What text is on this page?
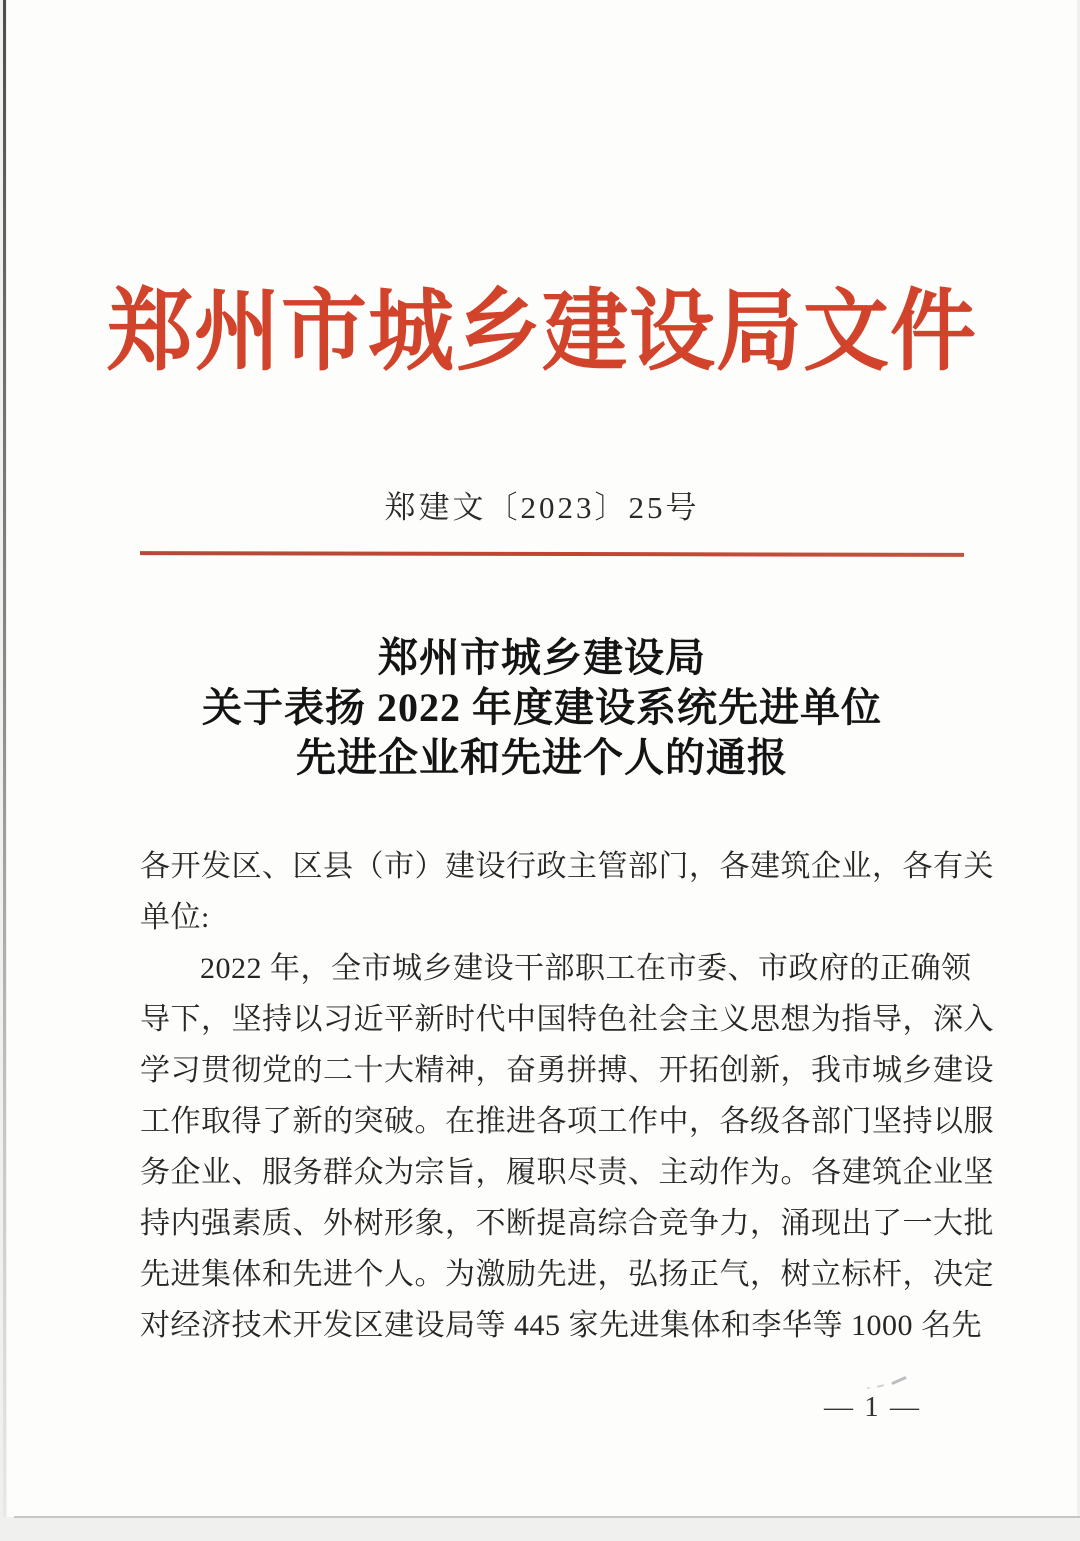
郑州市城乡建设局文件
郑建文〔2023〕25号
郑州市城乡建设局
关于表扬 2022 年度建设系统先进单位
先进企业和先进个人的通报
各开发区、区县（市）建设行政主管部门，各建筑企业，各有关
单位:
2022 年，全市城乡建设干部职工在市委、市政府的正确领
导下，坚持以习近平新时代中国特色社会主义思想为指导，深入
学习贯彻党的二十大精神，奋勇拼搏、开拓创新，我市城乡建设
工作取得了新的突破。在推进各项工作中，各级各部门坚持以服
务企业、服务群众为宗旨，履职尽责、主动作为。各建筑企业坚
持内强素质、外树形象，不断提高综合竞争力，涌现出了一大批
先进集体和先进个人。为激励先进，弘扬正气，树立标杆，决定
对经济技术开发区建设局等 445 家先进集体和李华等 1000 名先
— 1 —
